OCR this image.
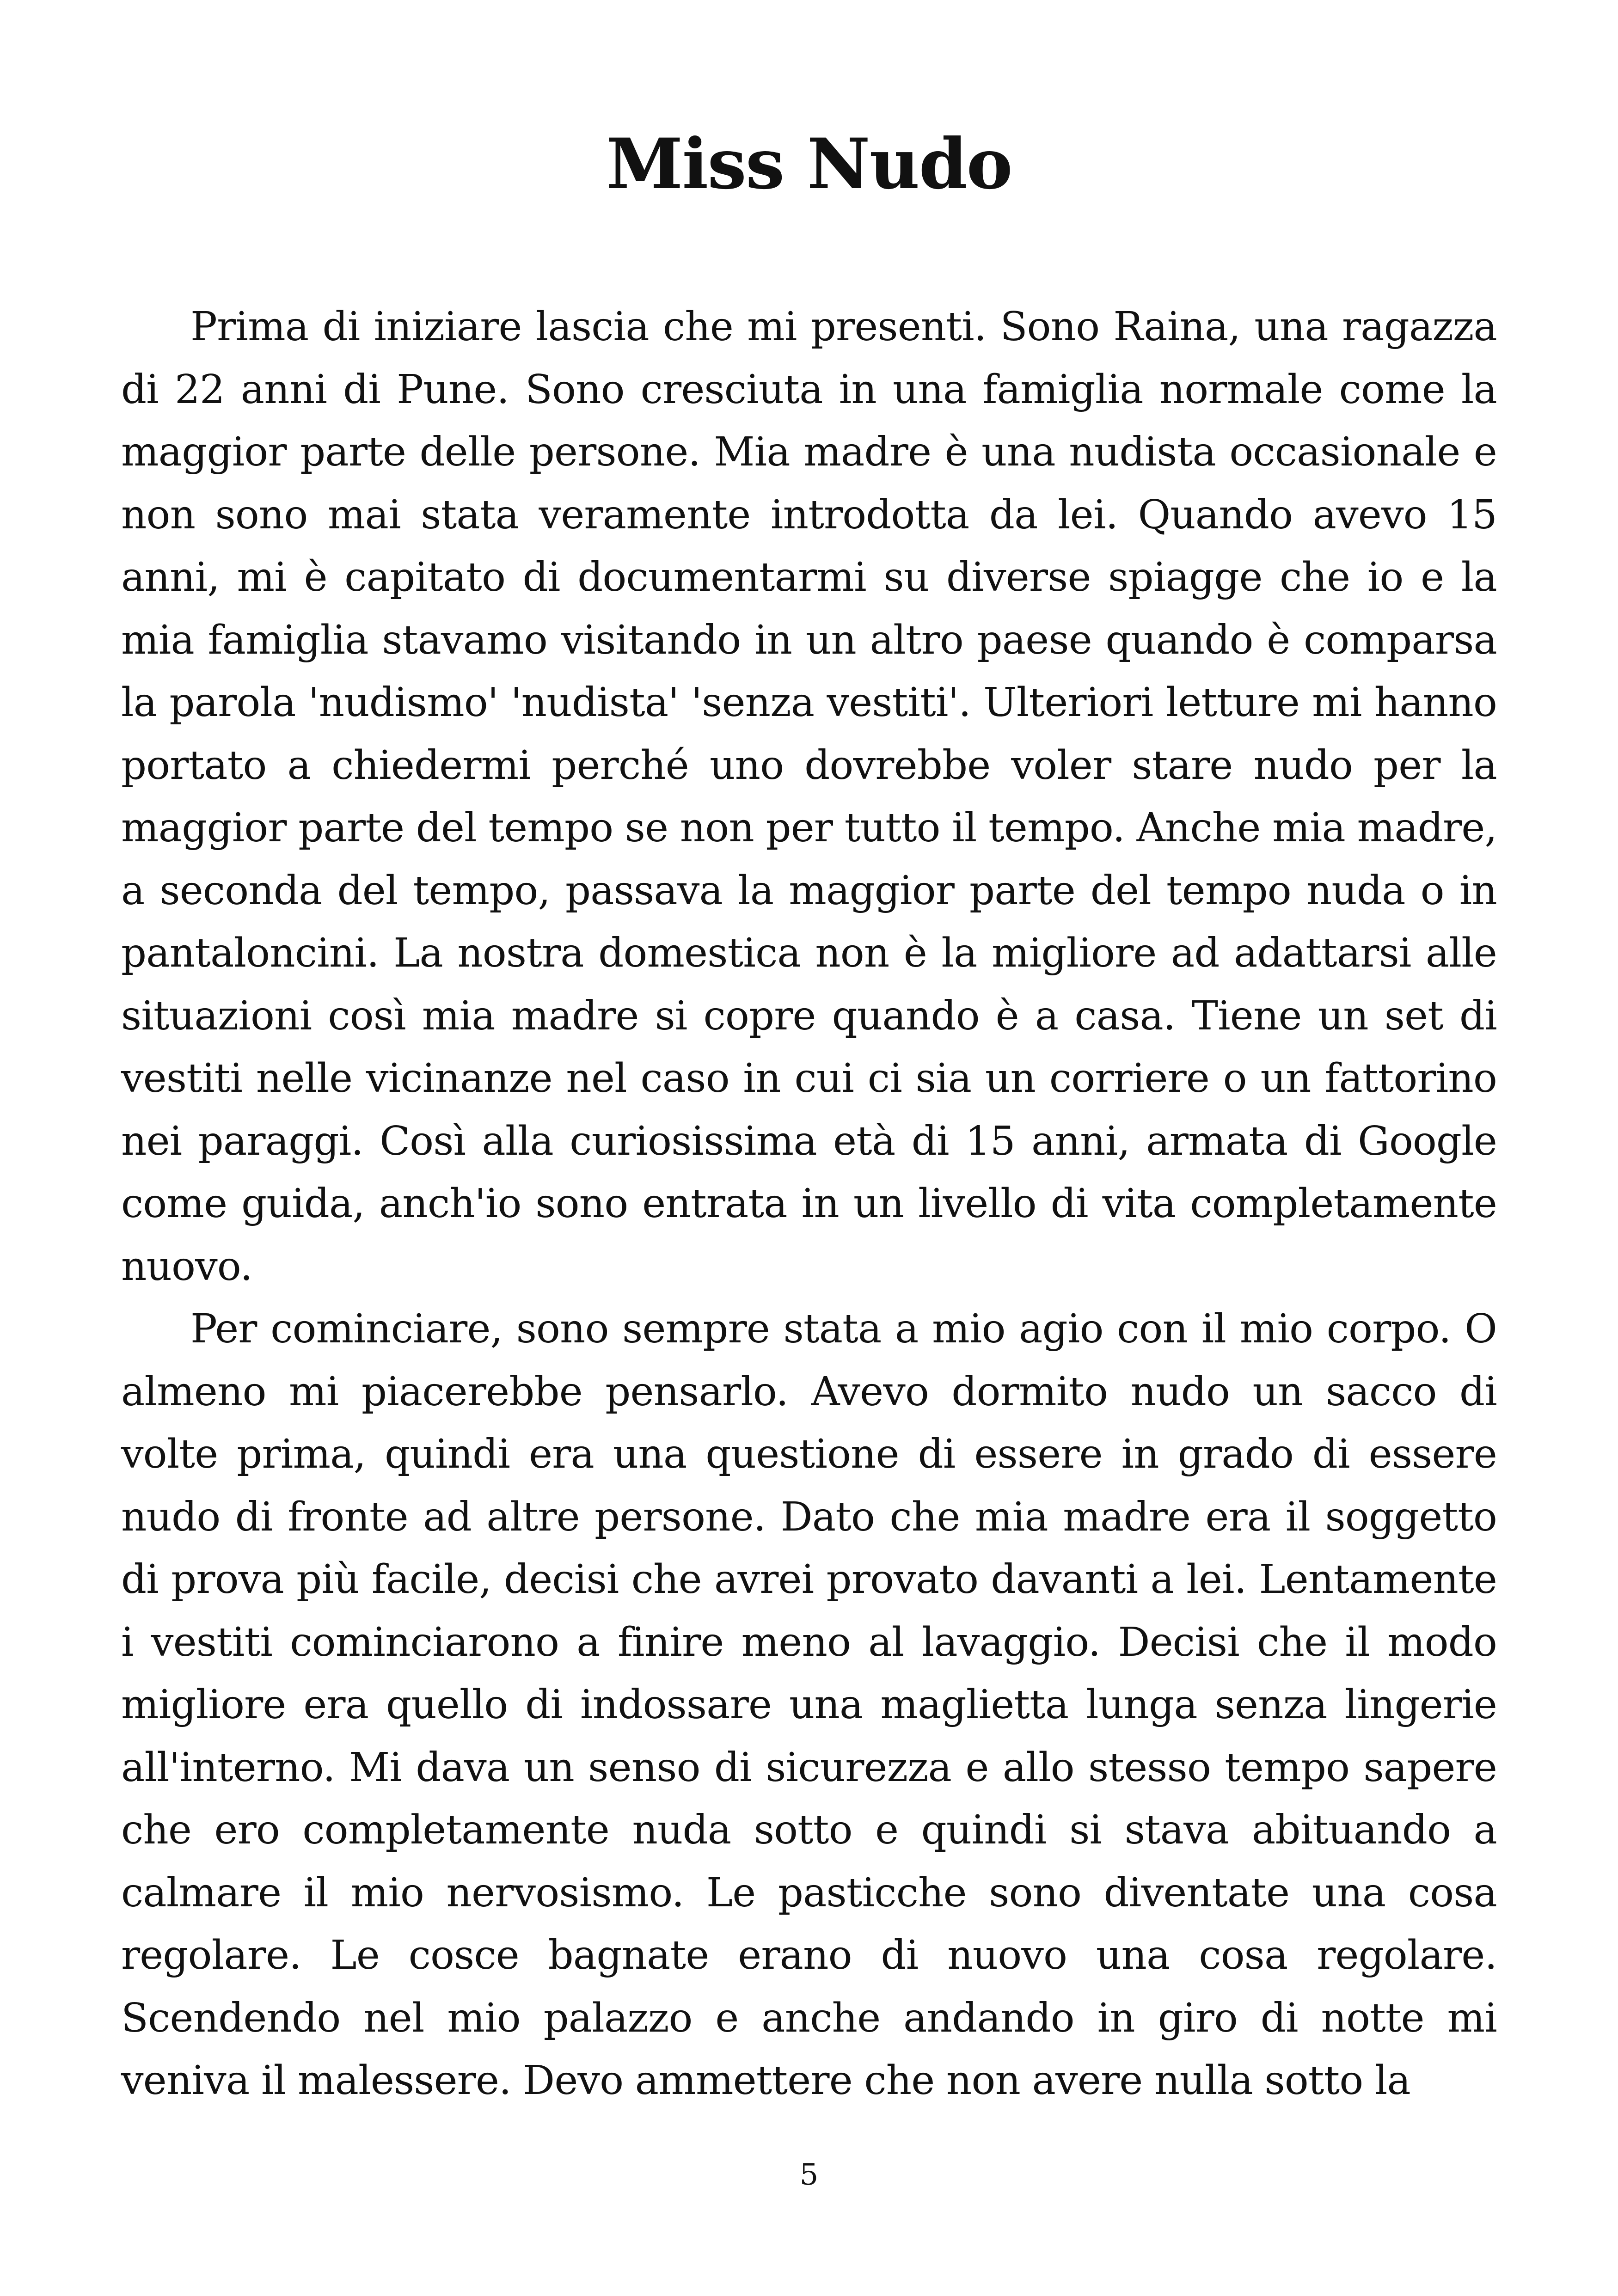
Miss Nudo

Prima di iniziare lascia che mi presenti. Sono Raina, una ragazza di 22 anni di Pune. Sono cresciuta in una famiglia normale come la maggior parte delle persone. Mia madre è una nudista occasionale e non sono mai stata veramente introdotta da lei. Quando avevo 15 anni, mi è capitato di documentarmi su diverse spiagge che io e la mia famiglia stavamo visitando in un altro paese quando è comparsa la parola 'nudismo' 'nudista' 'senza vestiti'. Ulteriori letture mi hanno portato a chiedermi perché uno dovrebbe voler stare nudo per la maggior parte del tempo se non per tutto il tempo. Anche mia madre, a seconda del tempo, passava la maggior parte del tempo nuda o in pantaloncini. La nostra domestica non è la migliore ad adattarsi alle situazioni così mia madre si copre quando è a casa. Tiene un set di vestiti nelle vicinanze nel caso in cui ci sia un corriere o un fattorino nei paraggi. Così alla curiosissima età di 15 anni, armata di Google come guida, anch'io sono entrata in un livello di vita completamente nuovo.

Per cominciare, sono sempre stata a mio agio con il mio corpo. O almeno mi piacerebbe pensarlo. Avevo dormito nudo un sacco di volte prima, quindi era una questione di essere in grado di essere nudo di fronte ad altre persone. Dato che mia madre era il soggetto di prova più facile, decisi che avrei provato davanti a lei. Lentamente i vestiti cominciarono a finire meno al lavaggio. Decisi che il modo migliore era quello di indossare una maglietta lunga senza lingerie all'interno. Mi dava un senso di sicurezza e allo stesso tempo sapere che ero completamente nuda sotto e quindi si stava abituando a calmare il mio nervosismo. Le pasticche sono diventate una cosa regolare. Le cosce bagnate erano di nuovo una cosa regolare. Scendendo nel mio palazzo e anche andando in giro di notte mi veniva il malessere. Devo ammettere che non avere nulla sotto la

5
